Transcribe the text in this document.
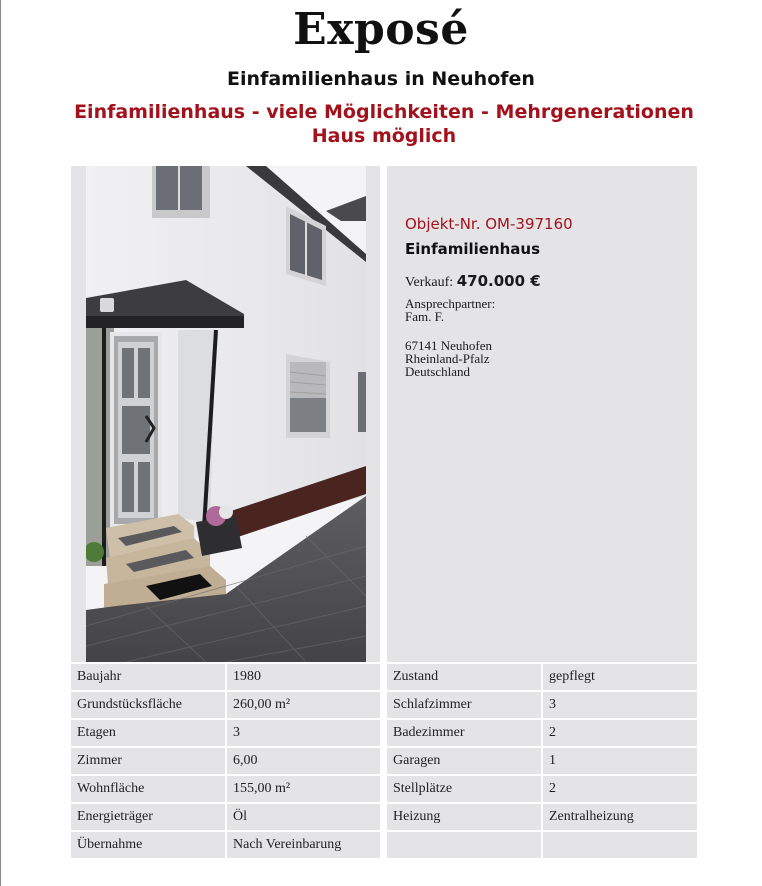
Exposé
Einfamilienhaus in Neuhofen
Einfamilienhaus - viele Möglichkeiten - Mehrgenerationen
Haus möglich
Objekt-Nr. OM-397160
Einfamilienhaus
Verkauf: 470.000 €
Ansprechpartner:
Fam. F.
67141 Neuhofen
Rheinland-Pfalz
Deutschland
Baujahr	1980	Zustand	gepflegt
Grundstücksfläche	260,00 m²	Schlafzimmer	3
Etagen	3	Badezimmer	2
Zimmer	6,00	Garagen	1
Wohnfläche	155,00 m²	Stellplätze	2
Energieträger	Öl	Heizung	Zentralheizung
Übernahme	Nach Vereinbarung
